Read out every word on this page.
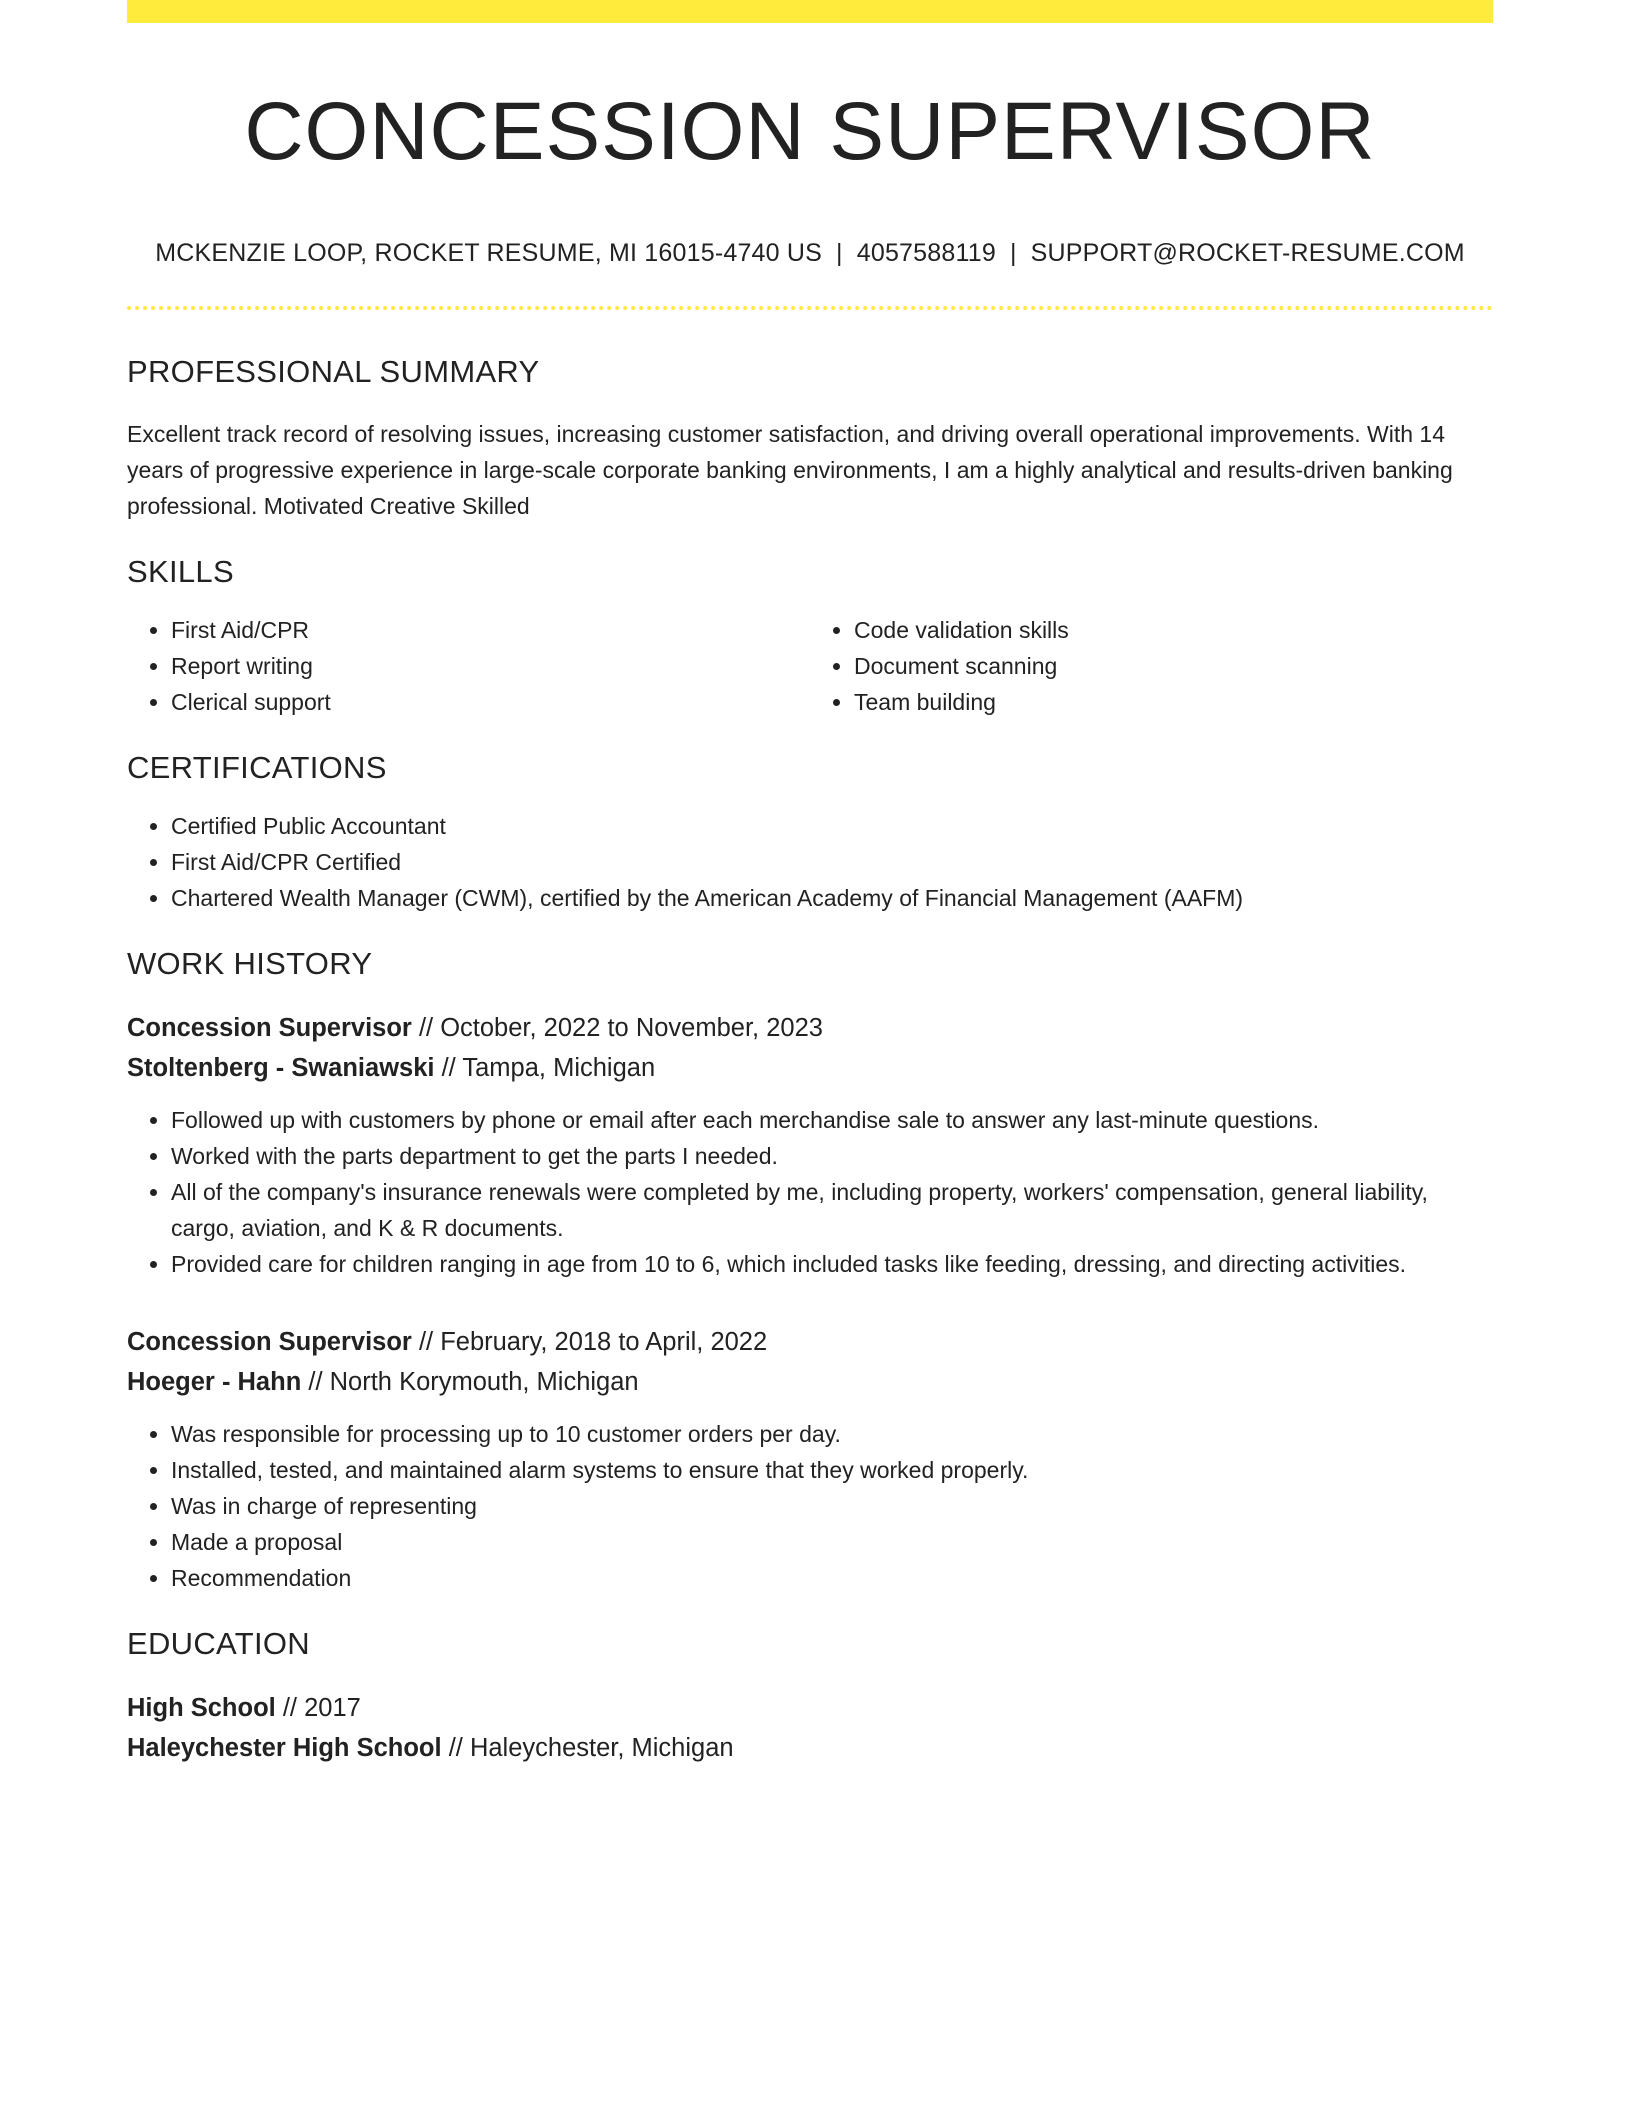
CONCESSION SUPERVISOR
MCKENZIE LOOP, ROCKET RESUME, MI 16015-4740 US | 4057588119 | SUPPORT@ROCKET-RESUME.COM
PROFESSIONAL SUMMARY
Excellent track record of resolving issues, increasing customer satisfaction, and driving overall operational improvements. With 14 years of progressive experience in large-scale corporate banking environments, I am a highly analytical and results-driven banking professional. Motivated Creative Skilled
SKILLS
• First Aid/CPR
• Report writing
• Clerical support
• Code validation skills
• Document scanning
• Team building
CERTIFICATIONS
• Certified Public Accountant
• First Aid/CPR Certified
• Chartered Wealth Manager (CWM), certified by the American Academy of Financial Management (AAFM)
WORK HISTORY
Concession Supervisor // October, 2022 to November, 2023
Stoltenberg - Swaniawski // Tampa, Michigan
• Followed up with customers by phone or email after each merchandise sale to answer any last-minute questions.
• Worked with the parts department to get the parts I needed.
• All of the company's insurance renewals were completed by me, including property, workers' compensation, general liability, cargo, aviation, and K & R documents.
• Provided care for children ranging in age from 10 to 6, which included tasks like feeding, dressing, and directing activities.
Concession Supervisor // February, 2018 to April, 2022
Hoeger - Hahn // North Korymouth, Michigan
• Was responsible for processing up to 10 customer orders per day.
• Installed, tested, and maintained alarm systems to ensure that they worked properly.
• Was in charge of representing
• Made a proposal
• Recommendation
EDUCATION
High School // 2017
Haleychester High School // Haleychester, Michigan
